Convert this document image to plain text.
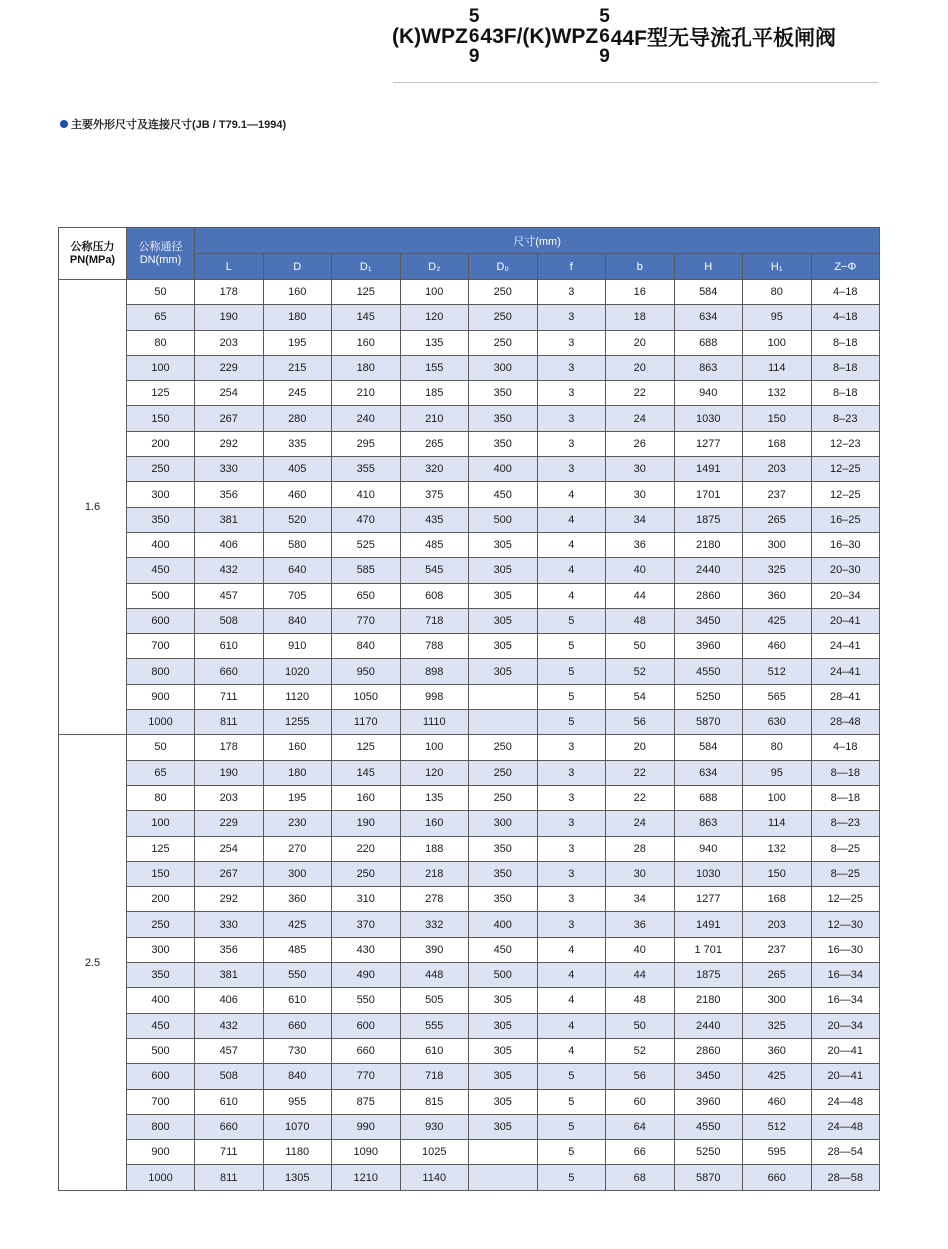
(K)WPZ
5
6
9
43F/(K)WPZ
5
6
9
44F型无导流孔平板闸阀
主要外形尺寸及连接尺寸(JB / T79.1—1994)
公称压力
PN(MPa)	公称通径
DN(mm)	尺寸(mm)									
		L	D	D₁	D₂	D₀	f	b	H	H₁	Z−Φ
1.6	50	178	160	125	100	250	3	16	584	80	4–18
	65	190	180	145	120	250	3	18	634	95	4–18
	80	203	195	160	135	250	3	20	688	100	8–18
	100	229	215	180	155	300	3	20	863	114	8–18
	125	254	245	210	185	350	3	22	940	132	8–18
	150	267	280	240	210	350	3	24	1030	150	8–23
	200	292	335	295	265	350	3	26	1277	168	12–23
	250	330	405	355	320	400	3	30	1491	203	12–25
	300	356	460	410	375	450	4	30	1701	237	12–25
	350	381	520	470	435	500	4	34	1875	265	16–25
	400	406	580	525	485	305	4	36	2180	300	16–30
	450	432	640	585	545	305	4	40	2440	325	20–30
	500	457	705	650	608	305	4	44	2860	360	20–34
	600	508	840	770	718	305	5	48	3450	425	20–41
	700	610	910	840	788	305	5	50	3960	460	24–41
	800	660	1020	950	898	305	5	52	4550	512	24–41
	900	711	1120	1050	998		5	54	5250	565	28–41
	1000	811	1255	1170	1110		5	56	5870	630	28–48
2.5	50	178	160	125	100	250	3	20	584	80	4–18
	65	190	180	145	120	250	3	22	634	95	8—18
	80	203	195	160	135	250	3	22	688	100	8—18
	100	229	230	190	160	300	3	24	863	114	8—23
	125	254	270	220	188	350	3	28	940	132	8—25
	150	267	300	250	218	350	3	30	1030	150	8—25
	200	292	360	310	278	350	3	34	1277	168	12—25
	250	330	425	370	332	400	3	36	1491	203	12—30
	300	356	485	430	390	450	4	40	1 701	237	16—30
	350	381	550	490	448	500	4	44	1875	265	16—34
	400	406	610	550	505	305	4	48	2180	300	16—34
	450	432	660	600	555	305	4	50	2440	325	20—34
	500	457	730	660	610	305	4	52	2860	360	20—41
	600	508	840	770	718	305	5	56	3450	425	20—41
	700	610	955	875	815	305	5	60	3960	460	24—48
	800	660	1070	990	930	305	5	64	4550	512	24—48
	900	711	1180	1090	1025		5	66	5250	595	28—54
	1000	811	1305	1210	1140		5	68	5870	660	28—58
